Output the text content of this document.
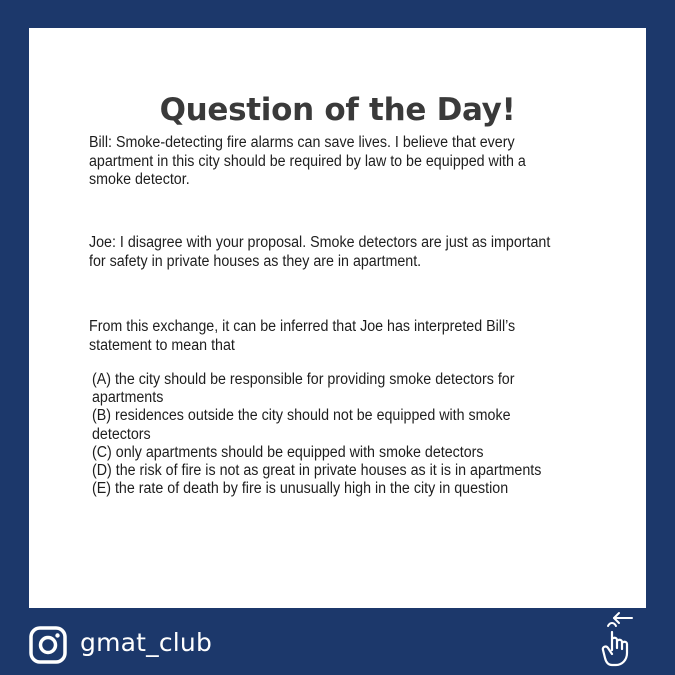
Question of the Day!
Bill: Smoke-detecting fire alarms can save lives. I believe that every apartment in this city should be required by law to be equipped with a smoke detector.
Joe: I disagree with your proposal. Smoke detectors are just as important for safety in private houses as they are in apartment.
From this exchange, it can be inferred that Joe has interpreted Bill’s statement to mean that
(A) the city should be responsible for providing smoke detectors for apartments
(B) residences outside the city should not be equipped with smoke detectors
(C) only apartments should be equipped with smoke detectors
(D) the risk of fire is not as great in private houses as it is in apartments
(E) the rate of death by fire is unusually high in the city in question
gmat_club
